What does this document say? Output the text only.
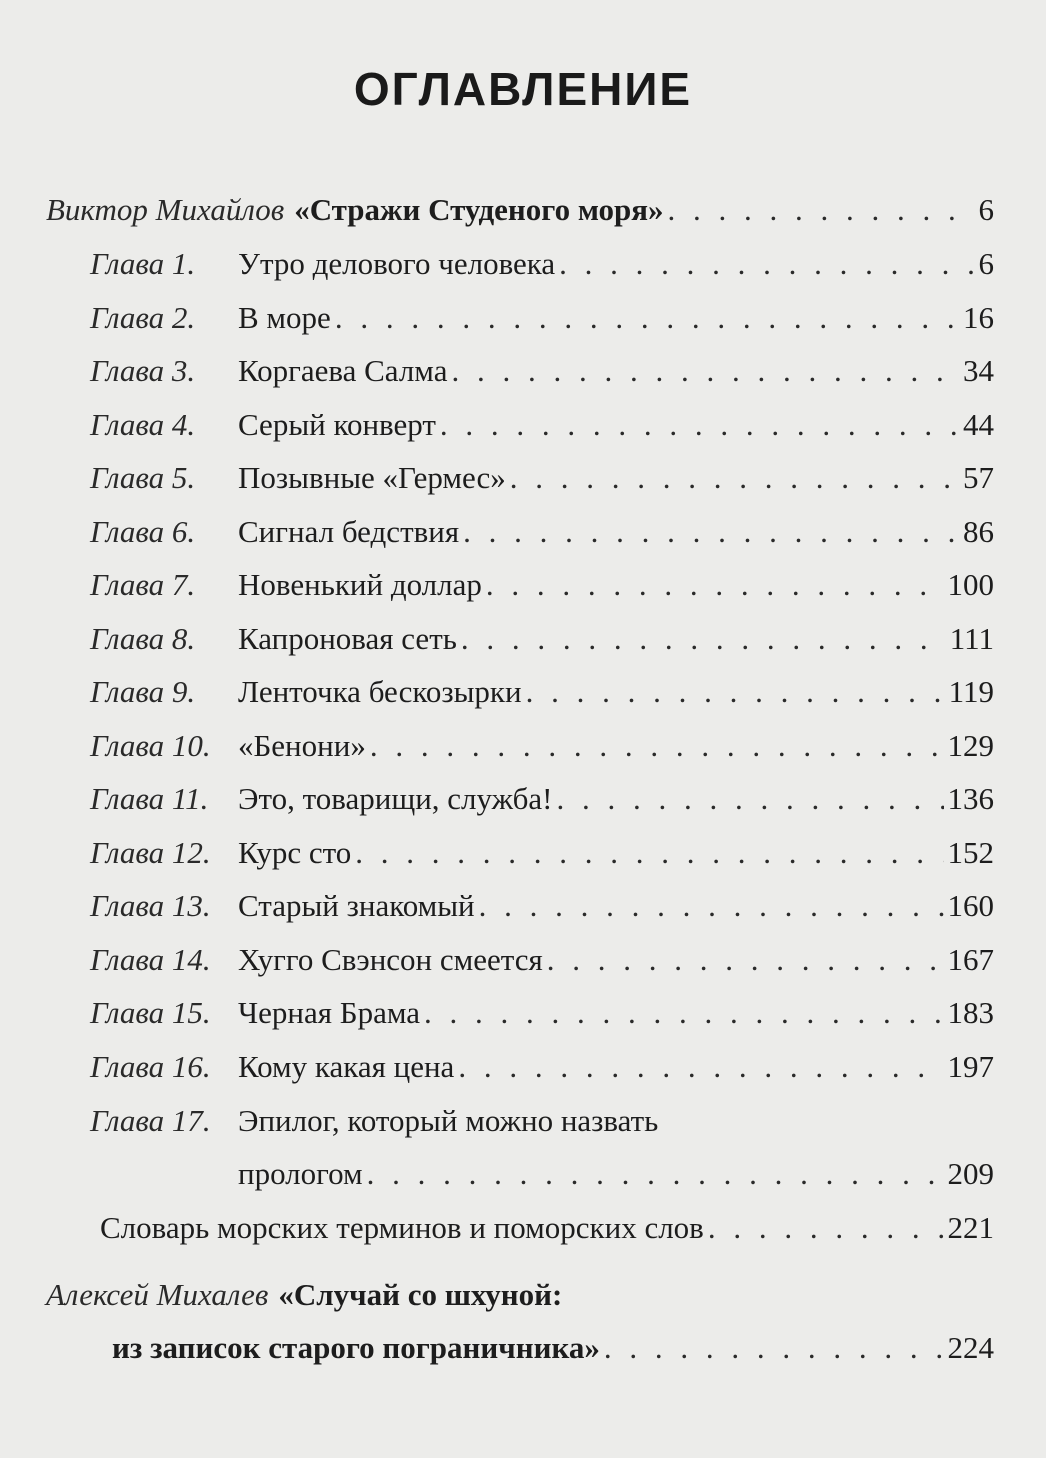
ОГЛАВЛЕНИЕ
Виктор Михайлов «Стражи Студеного моря» . . .	6
Глава 1.	Утро делового человека . . .	6
Глава 2.	В море . . .	16
Глава 3.	Коргаева Салма . . .	34
Глава 4.	Серый конверт . . .	44
Глава 5.	Позывные «Гермес» . . .	57
Глава 6.	Сигнал бедствия . . .	86
Глава 7.	Новенький доллар . . .	100
Глава 8.	Капроновая сеть . . .	111
Глава 9.	Ленточка бескозырки . . .	119
Глава 10. «Бенони» . . .	129
Глава 11. Это, товарищи, служба! . . .	136
Глава 12. Курс сто . . .	152
Глава 13. Старый знакомый . . .	160
Глава 14. Хугго Свэнсон смеется . . .	167
Глава 15. Черная Брама . . .	183
Глава 16. Кому какая цена . . .	197
Глава 17. Эпилог, который можно назвать
прологом . . .	209
Словарь морских терминов и поморских слов . . .	221
Алексей Михалев «Случай со шхуной:
из записок старого пограничника» . . .	224
